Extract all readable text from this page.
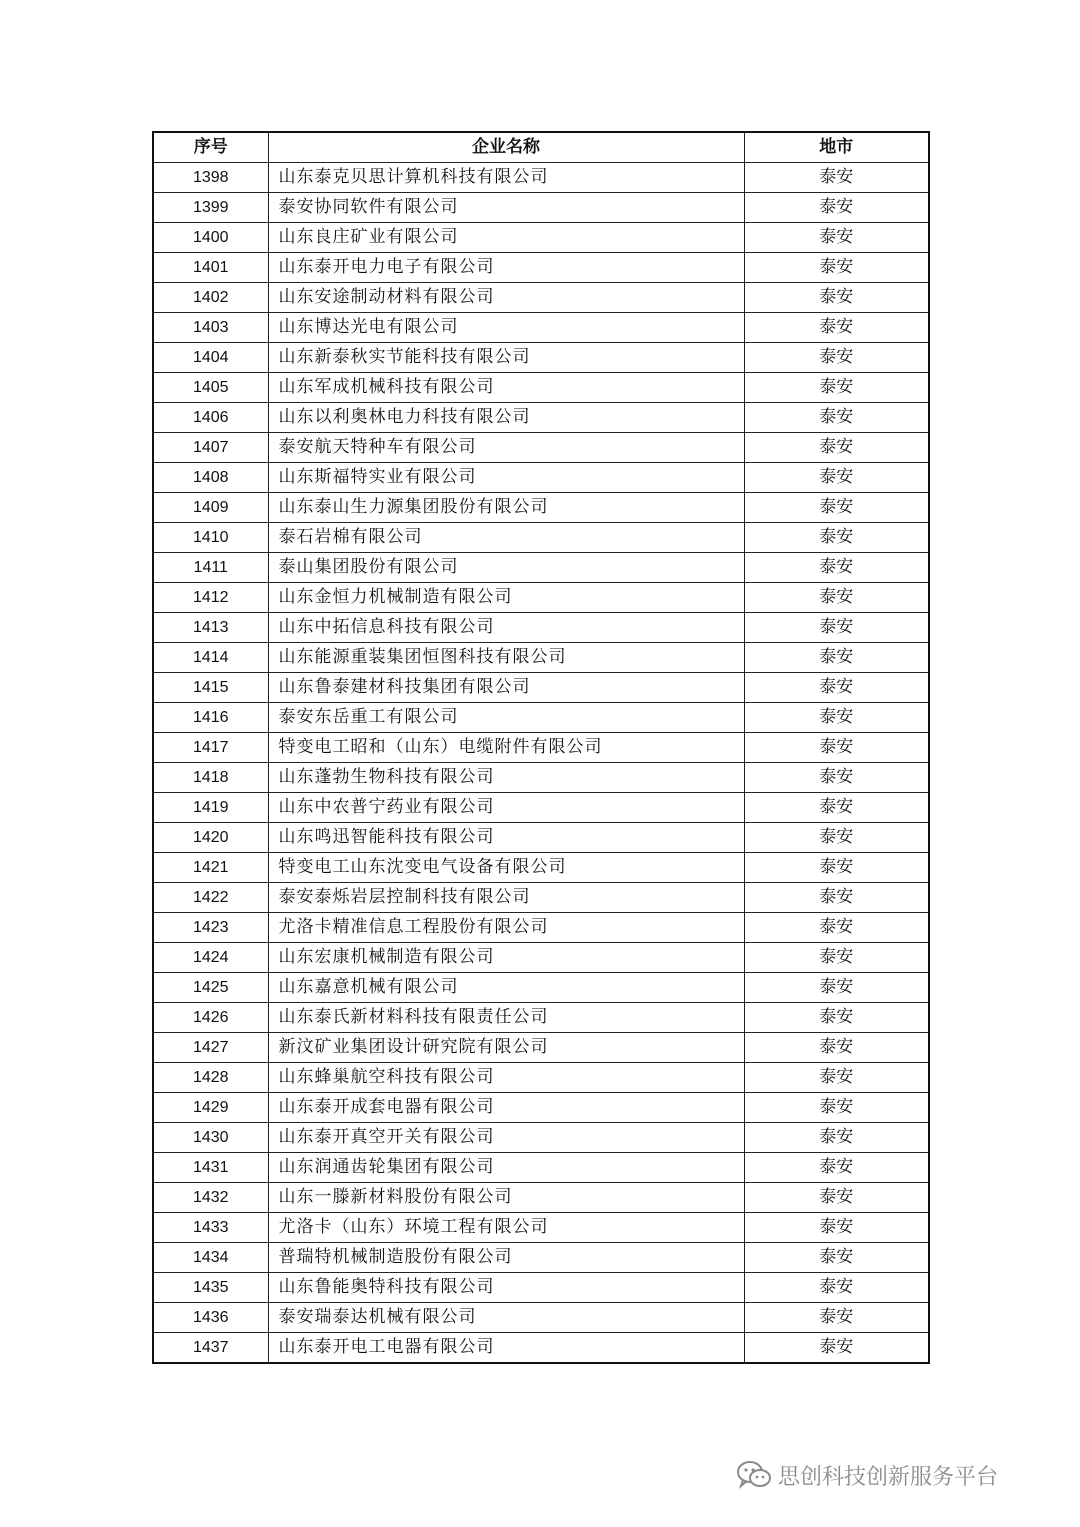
序号	企业名称	地市
1398	山东泰克贝思计算机科技有限公司	泰安
1399	泰安协同软件有限公司	泰安
1400	山东良庄矿业有限公司	泰安
1401	山东泰开电力电子有限公司	泰安
1402	山东安途制动材料有限公司	泰安
1403	山东博达光电有限公司	泰安
1404	山东新泰秋实节能科技有限公司	泰安
1405	山东军成机械科技有限公司	泰安
1406	山东以利奥林电力科技有限公司	泰安
1407	泰安航天特种车有限公司	泰安
1408	山东斯福特实业有限公司	泰安
1409	山东泰山生力源集团股份有限公司	泰安
1410	泰石岩棉有限公司	泰安
1411	泰山集团股份有限公司	泰安
1412	山东金恒力机械制造有限公司	泰安
1413	山东中拓信息科技有限公司	泰安
1414	山东能源重装集团恒图科技有限公司	泰安
1415	山东鲁泰建材科技集团有限公司	泰安
1416	泰安东岳重工有限公司	泰安
1417	特变电工昭和（山东）电缆附件有限公司	泰安
1418	山东蓬勃生物科技有限公司	泰安
1419	山东中农普宁药业有限公司	泰安
1420	山东鸣迅智能科技有限公司	泰安
1421	特变电工山东沈变电气设备有限公司	泰安
1422	泰安泰烁岩层控制科技有限公司	泰安
1423	尤洛卡精准信息工程股份有限公司	泰安
1424	山东宏康机械制造有限公司	泰安
1425	山东嘉意机械有限公司	泰安
1426	山东泰氏新材料科技有限责任公司	泰安
1427	新汶矿业集团设计研究院有限公司	泰安
1428	山东蜂巢航空科技有限公司	泰安
1429	山东泰开成套电器有限公司	泰安
1430	山东泰开真空开关有限公司	泰安
1431	山东润通齿轮集团有限公司	泰安
1432	山东一滕新材料股份有限公司	泰安
1433	尤洛卡（山东）环境工程有限公司	泰安
1434	普瑞特机械制造股份有限公司	泰安
1435	山东鲁能奥特科技有限公司	泰安
1436	泰安瑞泰达机械有限公司	泰安
1437	山东泰开电工电器有限公司	泰安
思创科技创新服务平台
